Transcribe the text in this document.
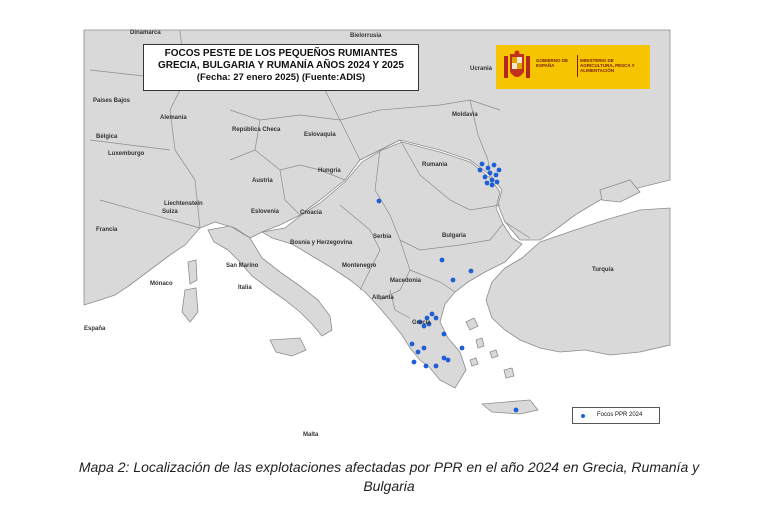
Dinamarca	Bielorrusia
Ucrania
Países Bajos
Alemania
Bélgica
Luxemburgo
República Checa
Eslovaquia
Moldavia
Rumania
Austria
Hungría
Liechtenstein
Suiza	Eslovenia	Croacia
Francia
Serbia	Bulgaria
Bosnia y Herzegovina
San Marino	Montenegro
Macedonia
Turquía
Mónaco
Italia
Albania
España
Grecia
Malta
FOCOS PESTE DE LOS PEQUEÑOS RUMIANTES
GRECIA, BULGARIA Y RUMANÍA AÑOS 2024 Y 2025
(Fecha: 27 enero 2025) (Fuente:ADIS)
GOBIERNO DE ESPAÑA
MINISTERIO DE AGRICULTURA, PESCA Y ALIMENTACIÓN
Focos PPR 2024
Mapa 2: Localización de las explotaciones afectadas por PPR en el año 2024 en Grecia, Rumanía y
Bulgaria
